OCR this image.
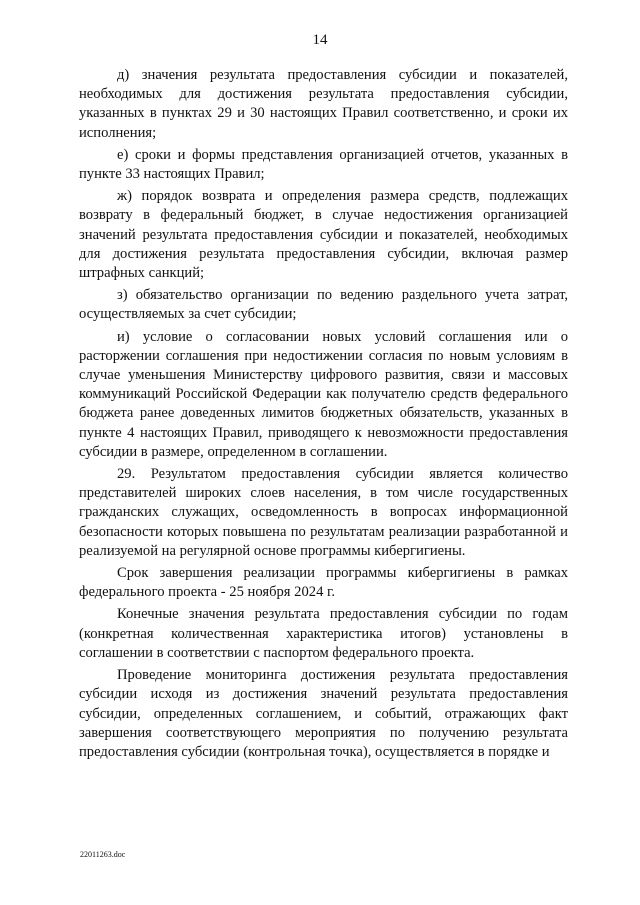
14

д) значения результата предоставления субсидии и показателей, необходимых для достижения результата предоставления субсидии, указанных в пунктах 29 и 30 настоящих Правил соответственно, и сроки их исполнения;

е) сроки и формы представления организацией отчетов, указанных в пункте 33 настоящих Правил;

ж) порядок возврата и определения размера средств, подлежащих возврату в федеральный бюджет, в случае недостижения организацией значений результата предоставления субсидии и показателей, необходимых для достижения результата предоставления субсидии, включая размер штрафных санкций;

з) обязательство организации по ведению раздельного учета затрат, осуществляемых за счет субсидии;

и) условие о согласовании новых условий соглашения или о расторжении соглашения при недостижении согласия по новым условиям в случае уменьшения Министерству цифрового развития, связи и массовых коммуникаций Российской Федерации как получателю средств федерального бюджета ранее доведенных лимитов бюджетных обязательств, указанных в пункте 4 настоящих Правил, приводящего к невозможности предоставления субсидии в размере, определенном в соглашении.

29. Результатом предоставления субсидии является количество представителей широких слоев населения, в том числе государственных гражданских служащих, осведомленность в вопросах информационной безопасности которых повышена по результатам реализации разработанной и реализуемой на регулярной основе программы кибергигиены.

Срок завершения реализации программы кибергигиены в рамках федерального проекта - 25 ноября 2024 г.

Конечные значения результата предоставления субсидии по годам (конкретная количественная характеристика итогов) установлены в соглашении в соответствии с паспортом федерального проекта.

Проведение мониторинга достижения результата предоставления субсидии исходя из достижения значений результата предоставления субсидии, определенных соглашением, и событий, отражающих факт завершения соответствующего мероприятия по получению результата предоставления субсидии (контрольная точка), осуществляется в порядке и

22011263.doc
